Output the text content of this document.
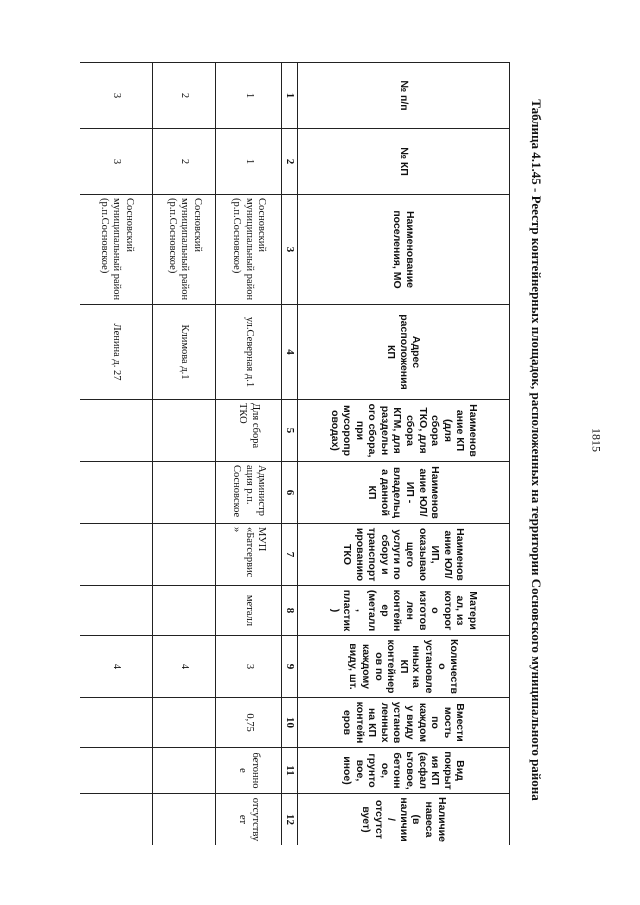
1815
Таблица 4.1.45 - Реестр контейнерных площадок, расположенных на территории Сосновского муниципального района
№ п/п	№ КП	Наименование поселения, МО	Адрес расположения КП	Наименование КП (для сбора ТКО, для сбора КГМ, для раздельного сбора, при мусоропроводах)	Наименование ЮЛ/ИП - владельца данной КП	Наименование ЮЛ/ИП, оказывающего услуги по сбору и транспортированию ТКО	Материал, из которого изготовлен контейнер (металл, пластик)	Количество установленных на КП контейнеров по каждому виду, шт.	Вместимость по каждому виду установленных на КП контейнеров	Вид покрытия КП (асфальтовое, бетонное, грунтовое, иное)	Наличие навеса (в наличии / отсутствует)
1	2	3	4	5	6	7	8	9	10	11	12
1	1	Сосновский муниципальный район (р.п.Сосновское)	ул.Северная д.1	Для сбора ТКО	Администрация р.п. Сосновское	МУП «Батсервис»	металл	3	0,75	бетонное	отсутствует
2	2	Сосновский муниципальный район (р.п.Сосновское)	Климова д.1					4			
3	3	Сосновский муниципальный район (р.п.Сосновское)	Ленина д. 27					4			
